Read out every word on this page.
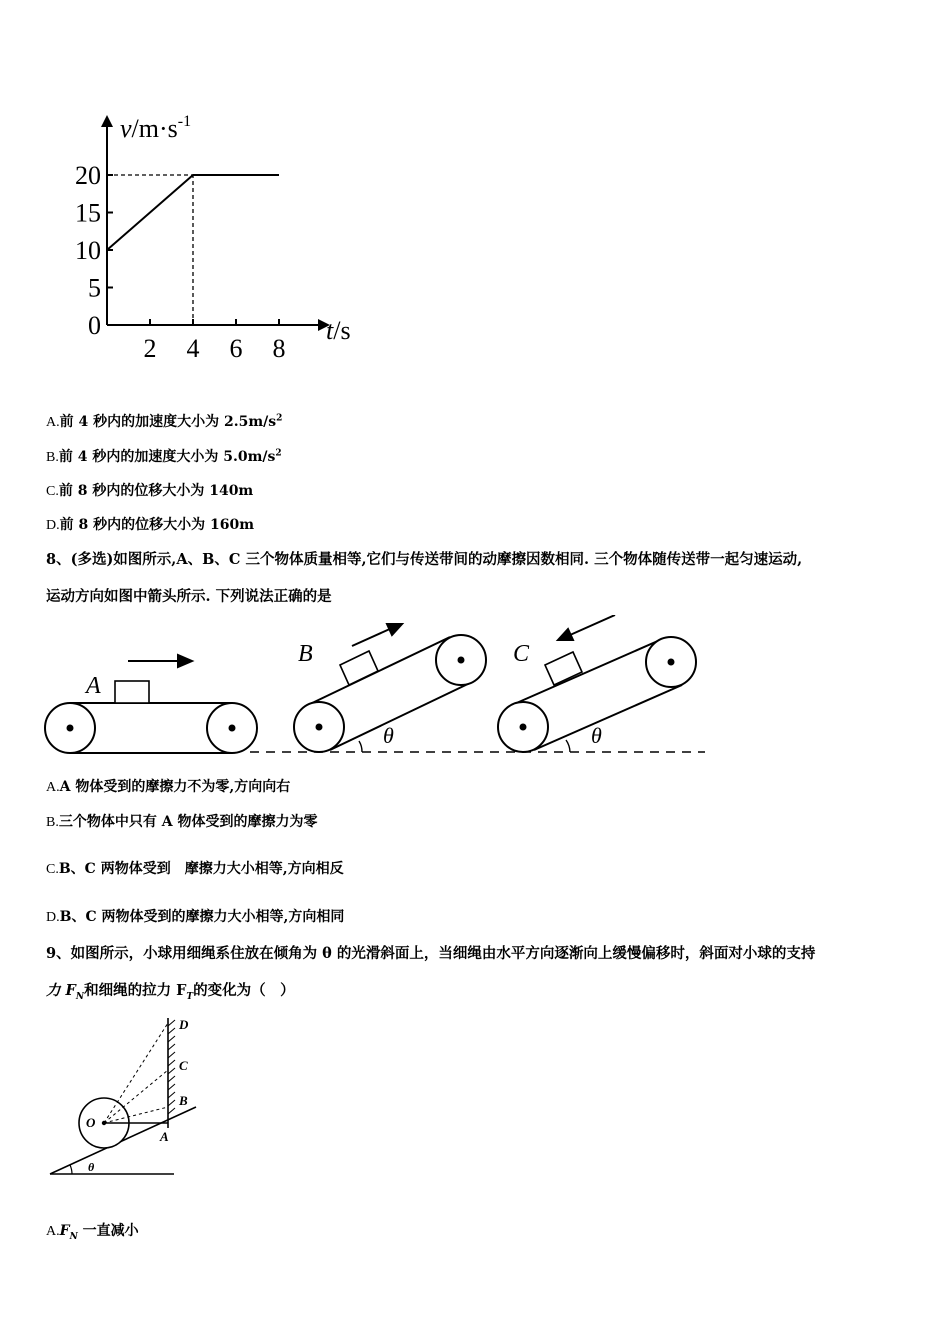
2 4 6 8
0
5
10
15
20
$v/m\cdot s^{-1}$
t/s
A.前 4 秒内的加速度大小为 $2.5m/s^2$
B.前 4 秒内的加速度大小为 $5.0m/s^2$
C.前 8 秒内的位移大小为 140m
D.前 8 秒内的位移大小为 160m
8、(多选)如图所示,A、B、C 三个物体质量相等,它们与传送带间的动摩擦因数相同. 三个物体随传送带一起匀速运动,
运动方向如图中箭头所示. 下列说法正确的是
A
B
θ
C
θ
A.A 物体受到的摩擦力不为零,方向向右
B.三个物体中只有 A 物体受到的摩擦力为零
C.B、C 两物体受到　摩擦力大小相等,方向相反
D.B、C 两物体受到的摩擦力大小相等,方向相同
9、如图所示，小球用细绳系住放在倾角为 θ 的光滑斜面上，当细绳由水平方向逐渐向上缓慢偏移时，斜面对小球的支持
力 $F_N$和细绳的拉力 $F_T$的变化为（　）
O
A
B
C
D
θ
$A.F_N$ 一直减小
